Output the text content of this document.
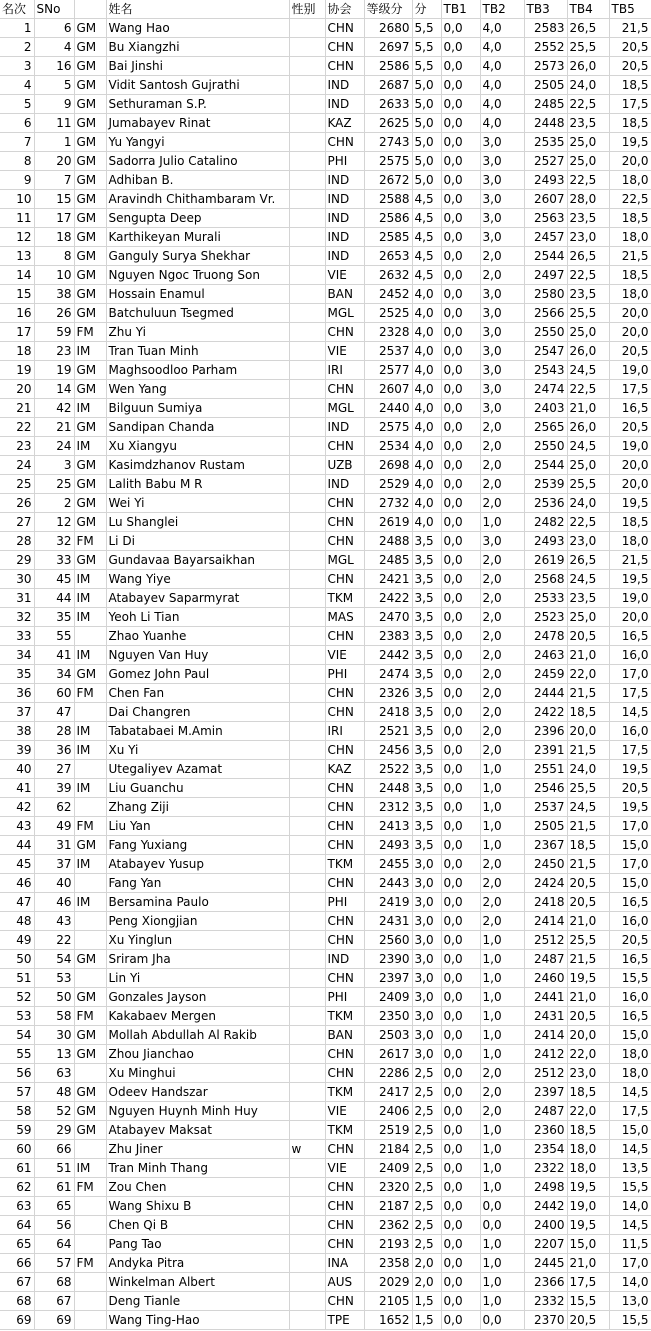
名次	SNo		姓名	性别	协会	等级分	分	TB1	TB2	TB3	TB4	TB5
1	6	GM	Wang Hao		CHN	2680	5,5	0,0	4,0	2583	26,5	21,5
2	4	GM	Bu Xiangzhi		CHN	2697	5,5	0,0	4,0	2552	25,5	20,5
3	16	GM	Bai Jinshi		CHN	2586	5,5	0,0	4,0	2573	26,0	20,5
4	5	GM	Vidit Santosh Gujrathi		IND	2687	5,0	0,0	4,0	2505	24,0	18,5
5	9	GM	Sethuraman S.P.		IND	2633	5,0	0,0	4,0	2485	22,5	17,5
6	11	GM	Jumabayev Rinat		KAZ	2625	5,0	0,0	4,0	2448	23,5	18,5
7	1	GM	Yu Yangyi		CHN	2743	5,0	0,0	3,0	2535	25,0	19,5
8	20	GM	Sadorra Julio Catalino		PHI	2575	5,0	0,0	3,0	2527	25,0	20,0
9	7	GM	Adhiban B.		IND	2672	5,0	0,0	3,0	2493	22,5	18,0
10	15	GM	Aravindh Chithambaram Vr.		IND	2588	4,5	0,0	3,0	2607	28,0	22,5
11	17	GM	Sengupta Deep		IND	2586	4,5	0,0	3,0	2563	23,5	18,5
12	18	GM	Karthikeyan Murali		IND	2585	4,5	0,0	3,0	2457	23,0	18,0
13	8	GM	Ganguly Surya Shekhar		IND	2653	4,5	0,0	2,0	2544	26,5	21,5
14	10	GM	Nguyen Ngoc Truong Son		VIE	2632	4,5	0,0	2,0	2497	22,5	18,5
15	38	GM	Hossain Enamul		BAN	2452	4,0	0,0	3,0	2580	23,5	18,0
16	26	GM	Batchuluun Tsegmed		MGL	2525	4,0	0,0	3,0	2566	25,5	20,0
17	59	FM	Zhu Yi		CHN	2328	4,0	0,0	3,0	2550	25,0	20,0
18	23	IM	Tran Tuan Minh		VIE	2537	4,0	0,0	3,0	2547	26,0	20,5
19	19	GM	Maghsoodloo Parham		IRI	2577	4,0	0,0	3,0	2543	24,5	19,0
20	14	GM	Wen Yang		CHN	2607	4,0	0,0	3,0	2474	22,5	17,5
21	42	IM	Bilguun Sumiya		MGL	2440	4,0	0,0	3,0	2403	21,0	16,5
22	21	GM	Sandipan Chanda		IND	2575	4,0	0,0	2,0	2565	26,0	20,5
23	24	IM	Xu Xiangyu		CHN	2534	4,0	0,0	2,0	2550	24,5	19,0
24	3	GM	Kasimdzhanov Rustam		UZB	2698	4,0	0,0	2,0	2544	25,0	20,0
25	25	GM	Lalith Babu M R		IND	2529	4,0	0,0	2,0	2539	25,5	20,0
26	2	GM	Wei Yi		CHN	2732	4,0	0,0	2,0	2536	24,0	19,5
27	12	GM	Lu Shanglei		CHN	2619	4,0	0,0	1,0	2482	22,5	18,5
28	32	FM	Li Di		CHN	2488	3,5	0,0	3,0	2493	23,0	18,0
29	33	GM	Gundavaa Bayarsaikhan		MGL	2485	3,5	0,0	2,0	2619	26,5	21,5
30	45	IM	Wang Yiye		CHN	2421	3,5	0,0	2,0	2568	24,5	19,5
31	44	IM	Atabayev Saparmyrat		TKM	2422	3,5	0,0	2,0	2533	23,5	19,0
32	35	IM	Yeoh Li Tian		MAS	2470	3,5	0,0	2,0	2523	25,0	20,0
33	55		Zhao Yuanhe		CHN	2383	3,5	0,0	2,0	2478	20,5	16,5
34	41	IM	Nguyen Van Huy		VIE	2442	3,5	0,0	2,0	2463	21,0	16,0
35	34	GM	Gomez John Paul		PHI	2474	3,5	0,0	2,0	2459	22,0	17,0
36	60	FM	Chen Fan		CHN	2326	3,5	0,0	2,0	2444	21,5	17,5
37	47		Dai Changren		CHN	2418	3,5	0,0	2,0	2422	18,5	14,5
38	28	IM	Tabatabaei M.Amin		IRI	2521	3,5	0,0	2,0	2396	20,0	16,0
39	36	IM	Xu Yi		CHN	2456	3,5	0,0	2,0	2391	21,5	17,5
40	27		Utegaliyev Azamat		KAZ	2522	3,5	0,0	1,0	2551	24,0	19,5
41	39	IM	Liu Guanchu		CHN	2448	3,5	0,0	1,0	2546	25,5	20,5
42	62		Zhang Ziji		CHN	2312	3,5	0,0	1,0	2537	24,5	19,5
43	49	FM	Liu Yan		CHN	2413	3,5	0,0	1,0	2505	21,5	17,0
44	31	GM	Fang Yuxiang		CHN	2493	3,5	0,0	1,0	2367	18,5	15,0
45	37	IM	Atabayev Yusup		TKM	2455	3,0	0,0	2,0	2450	21,5	17,0
46	40		Fang Yan		CHN	2443	3,0	0,0	2,0	2424	20,5	15,0
47	46	IM	Bersamina Paulo		PHI	2419	3,0	0,0	2,0	2418	20,5	16,5
48	43		Peng Xiongjian		CHN	2431	3,0	0,0	2,0	2414	21,0	16,0
49	22		Xu Yinglun		CHN	2560	3,0	0,0	1,0	2512	25,5	20,5
50	54	GM	Sriram Jha		IND	2390	3,0	0,0	1,0	2487	21,5	16,5
51	53		Lin Yi		CHN	2397	3,0	0,0	1,0	2460	19,5	15,5
52	50	GM	Gonzales Jayson		PHI	2409	3,0	0,0	1,0	2441	21,0	16,0
53	58	FM	Kakabaev Mergen		TKM	2350	3,0	0,0	1,0	2431	20,5	16,5
54	30	GM	Mollah Abdullah Al Rakib		BAN	2503	3,0	0,0	1,0	2414	20,0	15,0
55	13	GM	Zhou Jianchao		CHN	2617	3,0	0,0	1,0	2412	22,0	18,0
56	63		Xu Minghui		CHN	2286	2,5	0,0	2,0	2512	23,0	18,0
57	48	GM	Odeev Handszar		TKM	2417	2,5	0,0	2,0	2397	18,5	14,5
58	52	GM	Nguyen Huynh Minh Huy		VIE	2406	2,5	0,0	2,0	2487	22,0	17,5
59	29	GM	Atabayev Maksat		TKM	2519	2,5	0,0	1,0	2360	18,5	15,0
60	66		Zhu Jiner	w	CHN	2184	2,5	0,0	1,0	2354	18,0	14,5
61	51	IM	Tran Minh Thang		VIE	2409	2,5	0,0	1,0	2322	18,0	13,5
62	61	FM	Zou Chen		CHN	2320	2,5	0,0	1,0	2498	19,5	15,5
63	65		Wang Shixu B		CHN	2187	2,5	0,0	0,0	2442	19,0	14,0
64	56		Chen Qi B		CHN	2362	2,5	0,0	0,0	2400	19,5	14,5
65	64		Pang Tao		CHN	2193	2,5	0,0	1,0	2207	15,0	11,5
66	57	FM	Andyka Pitra		INA	2358	2,0	0,0	1,0	2445	21,0	17,0
67	68		Winkelman Albert		AUS	2029	2,0	0,0	1,0	2366	17,5	14,0
68	67		Deng Tianle		CHN	2105	1,5	0,0	1,0	2332	15,5	13,0
69	69		Wang Ting-Hao		TPE	1652	1,5	0,0	0,0	2370	20,5	15,5
